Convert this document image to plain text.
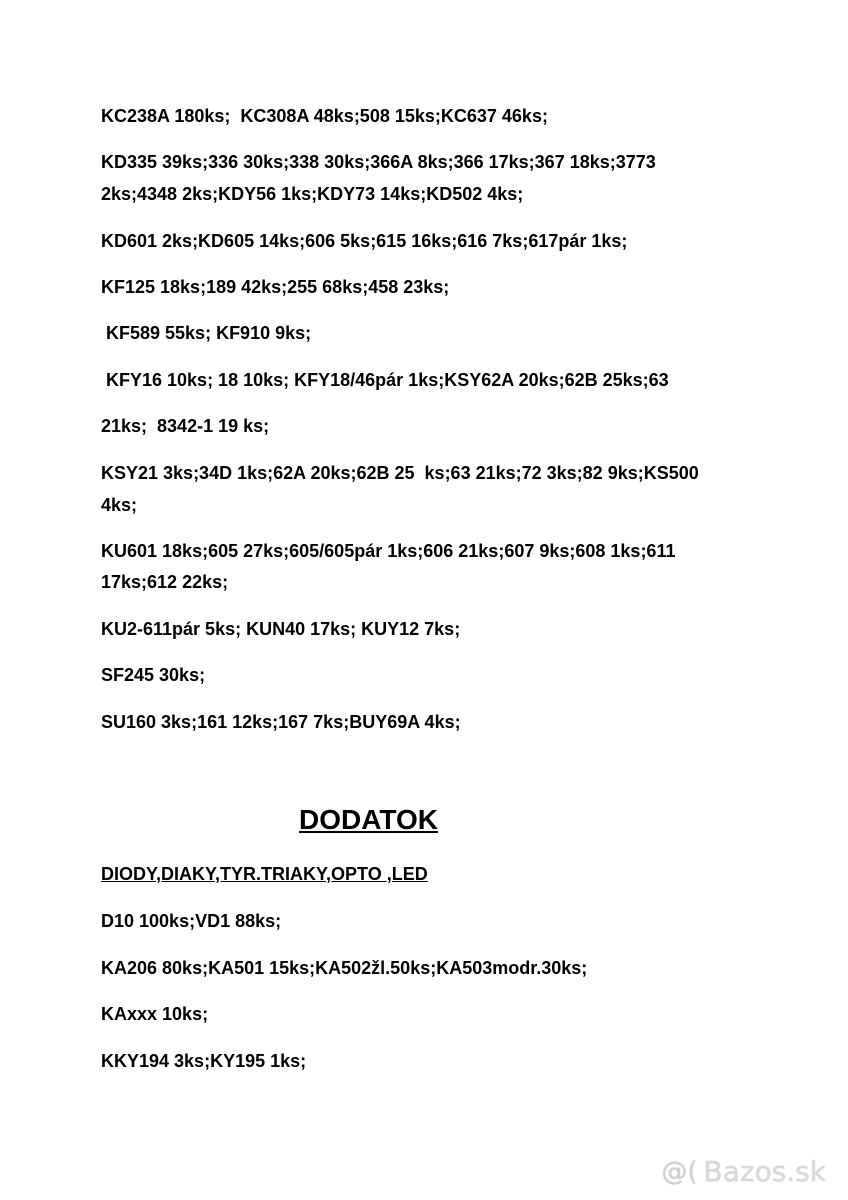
KC238A 180ks;  KC308A 48ks;508 15ks;KC637 46ks;
KD335 39ks;336 30ks;338 30ks;366A 8ks;366 17ks;367 18ks;3773
2ks;4348 2ks;KDY56 1ks;KDY73 14ks;KD502 4ks;
KD601 2ks;KD605 14ks;606 5ks;615 16ks;616 7ks;617pár 1ks;
KF125 18ks;189 42ks;255 68ks;458 23ks;
KF589 55ks; KF910 9ks;
KFY16 10ks; 18 10ks; KFY18/46pár 1ks;KSY62A 20ks;62B 25ks;63
21ks;  8342-1 19 ks;
KSY21 3ks;34D 1ks;62A 20ks;62B 25  ks;63 21ks;72 3ks;82 9ks;KS500
4ks;
KU601 18ks;605 27ks;605/605pár 1ks;606 21ks;607 9ks;608 1ks;611
17ks;612 22ks;
KU2-611pár 5ks; KUN40 17ks; KUY12 7ks;
SF245 30ks;
SU160 3ks;161 12ks;167 7ks;BUY69A 4ks;
DODATOK
DIODY,DIAKY,TYR.TRIAKY,OPTO ,LED
D10 100ks;VD1 88ks;
KA206 80ks;KA501 15ks;KA502žl.50ks;KA503modr.30ks;
KAxxx 10ks;
KKY194 3ks;KY195 1ks;
@( Bazos.sk
